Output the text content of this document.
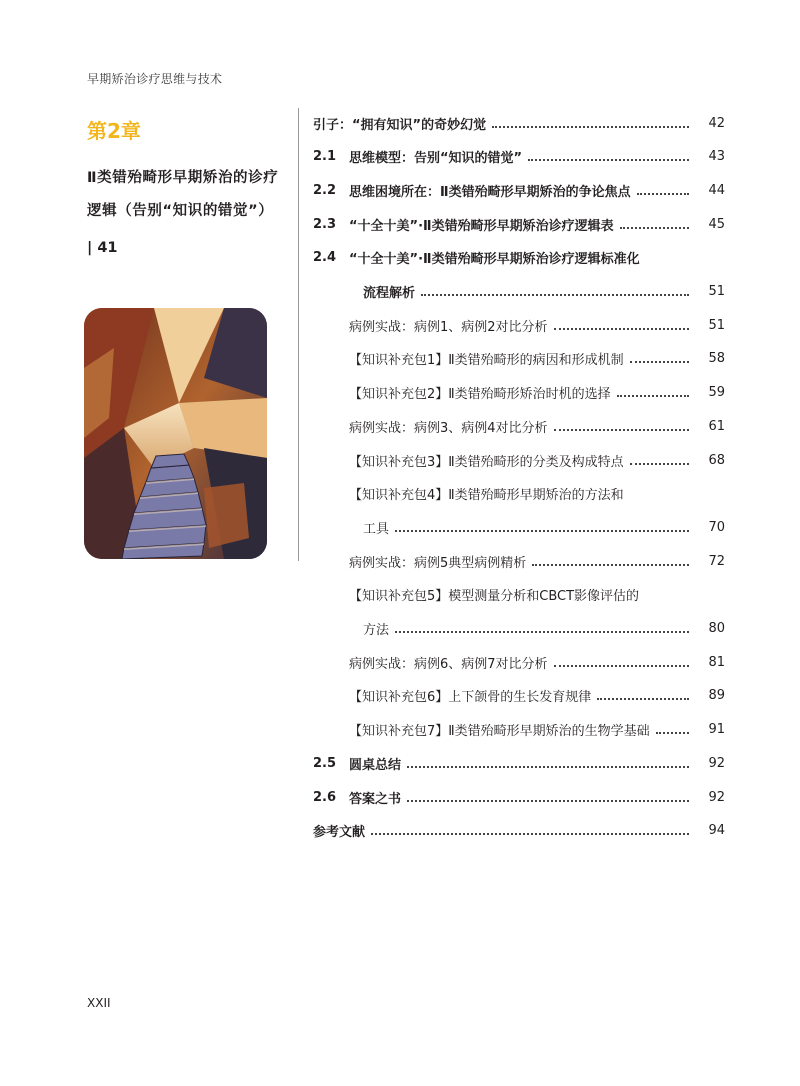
早期矫治诊疗思维与技术
第2章
Ⅱ类错殆畸形早期矫治的诊疗逻辑（告别“知识的错觉”）
| 41
引子：“拥有知识”的奇妙幻觉	42
2.1 思维模型：告别“知识的错觉”	43
2.2 思维困境所在：Ⅱ类错殆畸形早期矫治的争论焦点	44
2.3 “十全十美”·Ⅱ类错殆畸形早期矫治诊疗逻辑表	45
2.4 “十全十美”·Ⅱ类错殆畸形早期矫治诊疗逻辑标准化
流程解析	51
病例实战：病例1、病例2对比分析	51
【知识补充包1】Ⅱ类错殆畸形的病因和形成机制	58
【知识补充包2】Ⅱ类错殆畸形矫治时机的选择	59
病例实战：病例3、病例4对比分析	61
【知识补充包3】Ⅱ类错殆畸形的分类及构成特点	68
【知识补充包4】Ⅱ类错殆畸形早期矫治的方法和
工具	70
病例实战：病例5典型病例精析	72
【知识补充包5】模型测量分析和CBCT影像评估的
方法	80
病例实战：病例6、病例7对比分析	81
【知识补充包6】上下颌骨的生长发育规律	89
【知识补充包7】Ⅱ类错殆畸形早期矫治的生物学基础	91
2.5 圆桌总结	92
2.6 答案之书	92
参考文献	94
XXII
